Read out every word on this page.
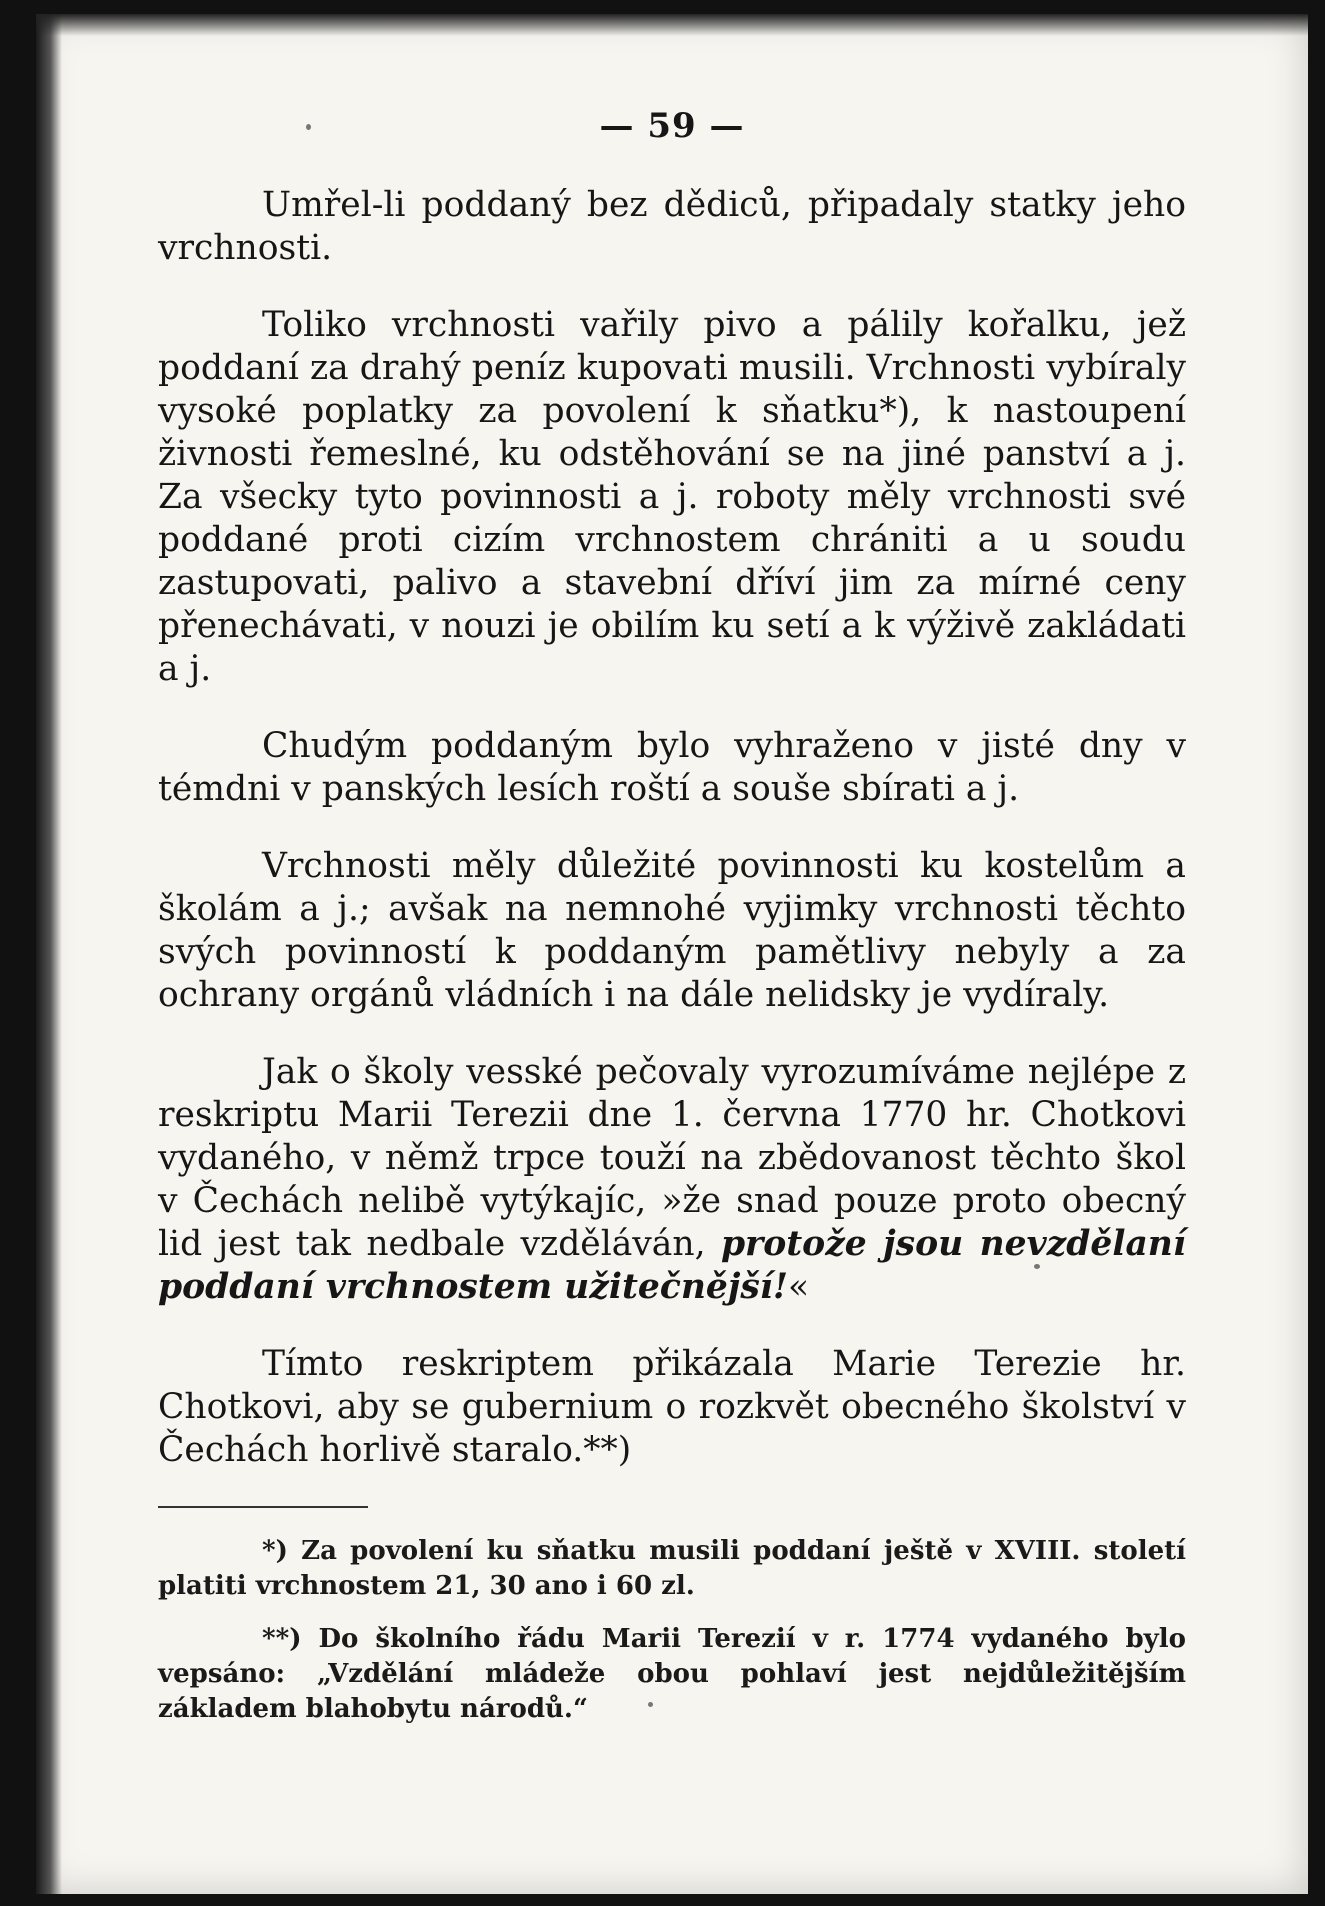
— 59 —

Umřel-li poddaný bez dědiců, připadaly statky jeho vrchnosti.

Toliko vrchnosti vařily pivo a pálily kořalku, jež poddaní za drahý peníz kupovati musili. Vrchnosti vybíraly vysoké poplatky za povolení k sňatku*), k nastoupení živnosti řemeslné, ku odstěhování se na jiné panství a j. Za všecky tyto povinnosti a j. roboty měly vrchnosti své poddané proti cizím vrchnostem chrániti a u soudu zastupovati, palivo a stavební dříví jim za mírné ceny přenechávati, v nouzi je obilím ku setí a k výživě zakládati a j.

Chudým poddaným bylo vyhraženo v jisté dny v témdni v panských lesích roští a souše sbírati a j.

Vrchnosti měly důležité povinnosti ku kostelům a školám a j.; avšak na nemnohé vyjimky vrchnosti těchto svých povinností k poddaným pamětlivy nebyly a za ochrany orgánů vládních i na dále nelidsky je vydíraly.

Jak o školy vesské pečovaly vyrozumíváme nejlépe z reskriptu Marii Terezii dne 1. června 1770 hr. Chotkovi vydaného, v němž trpce touží na zbědovanost těchto škol v Čechách nelibě vytýkajíc, »že snad pouze proto obecný lid jest tak nedbale vzděláván, protože jsou nevzdělaní poddaní vrchnostem užitečnější!«

Tímto reskriptem přikázala Marie Terezie hr. Chotkovi, aby se gubernium o rozkvět obecného školství v Čechách horlivě staralo.**)

*) Za povolení ku sňatku musili poddaní ještě v XVIII. století platiti vrchnostem 21, 30 ano i 60 zl.

**) Do školního řádu Marii Terezií v r. 1774 vydaného bylo vepsáno: „Vzdělání mládeže obou pohlaví jest nejdůležitějším základem blahobytu národů.“
